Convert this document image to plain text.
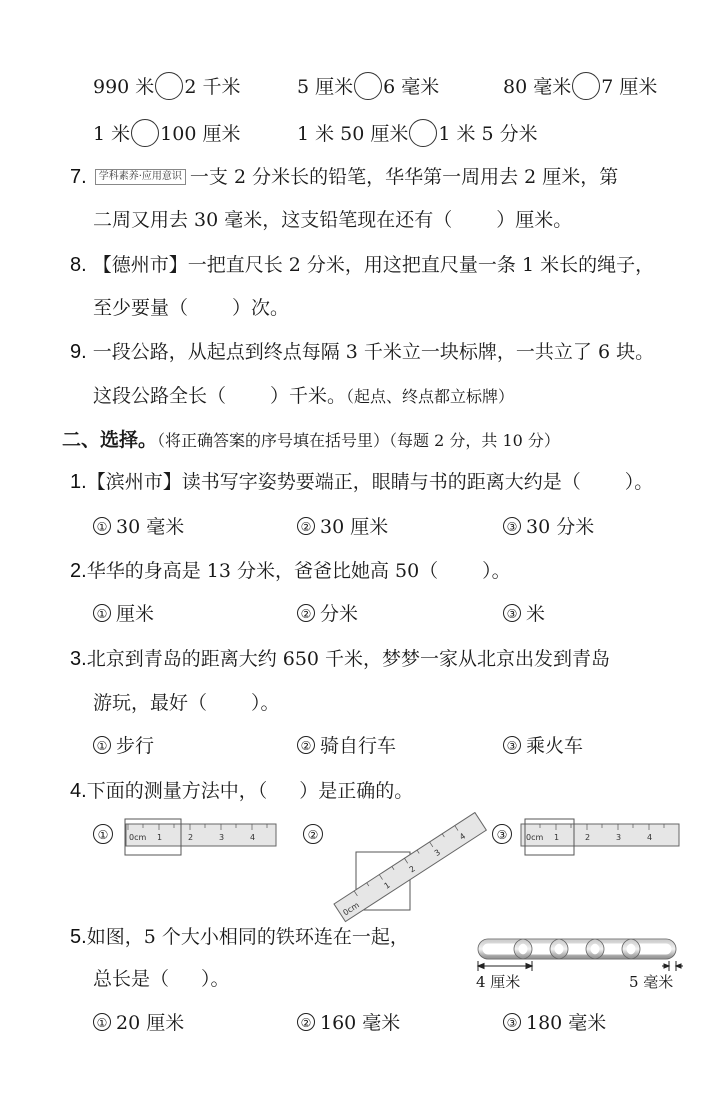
990 米 2 千米	5 厘米 6 毫米	80 毫米 7 厘米
1 米 100 厘米	1 米 50 厘米 1 米 5 分米
7. 学科素养·应用意识 一支 2 分米长的铅笔，华华第一周用去 2 厘米，第
二周又用去 30 毫米，这支铅笔现在还有（ ）厘米。
8. 【德州市】一把直尺长 2 分米，用这把直尺量一条 1 米长的绳子，
至少要量（ ）次。
9. 一段公路，从起点到终点每隔 3 千米立一块标牌，一共立了 6 块。
这段公路全长（ ）千米。（起点、终点都立标牌）
二、选择。（将正确答案的序号填在括号里）（每题 2 分，共 10 分）
1.【滨州市】读书写字姿势要端正，眼睛与书的距离大约是（ ）。
① 30 毫米	② 30 厘米	③ 30 分米
2.华华的身高是 13 分米，爸爸比她高 50（ ）。
① 厘米	② 分米	③ 米
3.北京到青岛的距离大约 650 千米，梦梦一家从北京出发到青岛
游玩，最好（ ）。
① 步行	② 骑自行车	③ 乘火车
4.下面的测量方法中，（ ）是正确的。
①	②	③
0cm 1	2	3	4
0cm
1
2
3
4	0cm 1	2	3	4
5.如图，5 个大小相同的铁环连在一起，
总长是（ ）。	4 厘米	5 毫米
① 20 厘米	② 160 毫米	③ 180 毫米
